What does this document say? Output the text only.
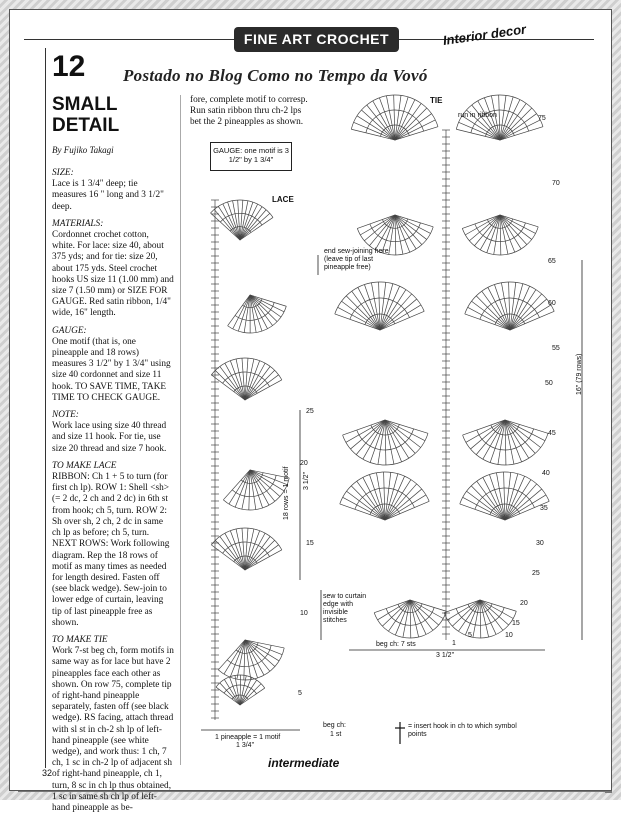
FINE ART CROCHET	Interior decor
Postado no Blog Como no Tempo da Vovó
12
SMALL
DETAIL
By Fujiko Takagi
SIZE:

Lace is 1 3/4" deep; tie measures 16 " long and 3 1/2" deep.

MATERIALS:

Cordonnet crochet cotton, white. For lace: size 40, about 375 yds; and for tie: size 20, about 175 yds. Steel crochet hooks US size 11 (1.00 mm) and size 7 (1.50 mm) or SIZE FOR GAUGE. Red satin ribbon, 1/4" wide, 16" length.

GAUGE:

One motif (that is, one pineapple and 18 rows) measures 3 1/2" by 1 3/4" using size 40 cordonnet and size 11 hook. TO SAVE TIME, TAKE TIME TO CHECK GAUGE.

NOTE:

Work lace using size 40 thread and size 11 hook. For tie, use size 20 thread and size 7 hook.

TO MAKE LACE

RIBBON: Ch 1 + 5 to turn (for first ch lp). ROW 1: Shell <sh> (= 2 dc, 2 ch and 2 dc) in 6th st from hook; ch 5, turn. ROW 2: Sh over sh, 2 ch, 2 dc in same ch lp as before; ch 5, turn. NEXT ROWS: Work following diagram. Rep the 18 rows of motif as many times as needed for length desired. Fasten off (see black wedge). Sew-join to lower edge of curtain, leaving tip of last pineapple free as shown.

TO MAKE TIE

Work 7-st beg ch, form motifs in same way as for lace but have 2 pineapples face each other as shown. On row 75, complete tip of right-hand pineapple separately, fasten off (see black wedge). RS facing, attach thread with sl st in ch-2 sh lp of left-hand pineapple (see white wedge), and work thus: 1 ch, 7 ch, 1 sc in ch-2 lp of adjacent sh of right-hand pineapple, ch 1, turn, 8 sc in ch lp thus obtained, 1 sc in same sh ch lp of left-hand pineapple as be-

fore, complete motif to corresp. Run satin ribbon thru ch-2 lps bet the 2 pineapples as shown.
GAUGE: one motif is 3 1/2" by 1 3/4"
LACE
TIE
run in ribbon
end sew-joining here (leave tip of last pineapple free)
18 rows = 1 motif 3 1/2"
sew to curtain edge with invisible stitches
1 pineapple = 1 motif
1 3/4"
beg ch:
1 st
beg ch: 7 sts
3 1/2"
16" (79 rows)
= insert hook in ch to which symbol points
25
20
15
10
5
75
70
65
60
55
50
45
40
35
30
25
20
15
10
5
1
32
intermediate
